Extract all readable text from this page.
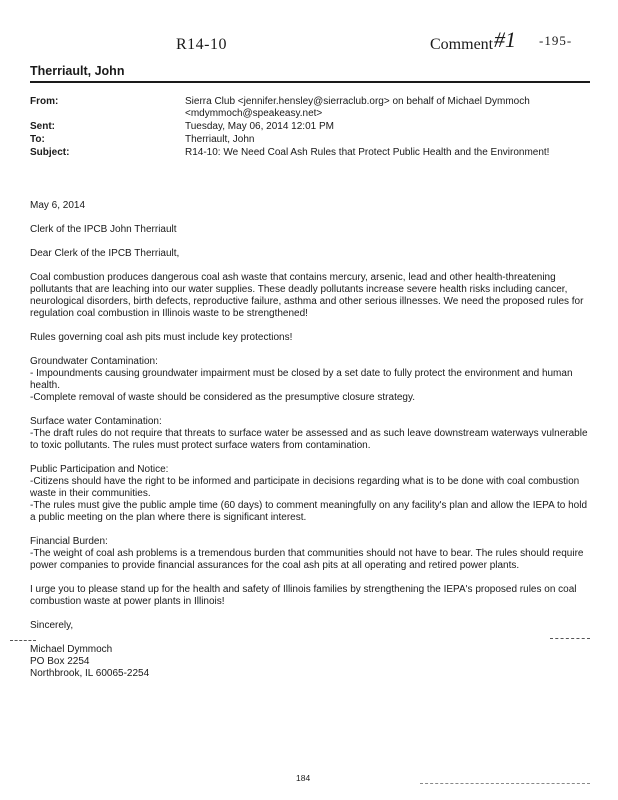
R14-10	Comment #1 -195-
Therriault, John
From:	Sierra Club <jennifer.hensley@sierraclub.org> on behalf of Michael Dymmoch
<mdymmoch@speakeasy.net>
Sent:	Tuesday, May 06, 2014 12:01 PM
To:	Therriault, John
Subject:	R14-10: We Need Coal Ash Rules that Protect Public Health and the Environment!

May 6, 2014

Clerk of the IPCB John Therriault

Dear Clerk of the IPCB Therriault,

Coal combustion produces dangerous coal ash waste that contains mercury, arsenic, lead and other health-threatening pollutants that are leaching into our water supplies. These deadly pollutants increase severe health risks including cancer, neurological disorders, birth defects, reproductive failure, asthma and other serious illnesses. We need the proposed rules for regulation coal combustion in Illinois waste to be strengthened!

Rules governing coal ash pits must include key protections!

Groundwater Contamination:

- Impoundments causing groundwater impairment must be closed by a set date to fully protect the environment and human health.

-Complete removal of waste should be considered as the presumptive closure strategy.

Surface water Contamination:

-The draft rules do not require that threats to surface water be assessed and as such leave downstream waterways vulnerable to toxic pollutants. The rules must protect surface waters from contamination.

Public Participation and Notice:

-Citizens should have the right to be informed and participate in decisions regarding what is to be done with coal combustion waste in their communities.

-The rules must give the public ample time (60 days) to comment meaningfully on any facility's plan and allow the IEPA to hold a public meeting on the plan where there is significant interest.

Financial Burden:

-The weight of coal ash problems is a tremendous burden that communities should not have to bear. The rules should require power companies to provide financial assurances for the coal ash pits at all operating and retired power plants.

I urge you to please stand up for the health and safety of Illinois families by strengthening the IEPA's proposed rules on coal combustion waste at power plants in Illinois!

Sincerely,

Michael Dymmoch

PO Box 2254

Northbrook, IL 60065-2254

184
